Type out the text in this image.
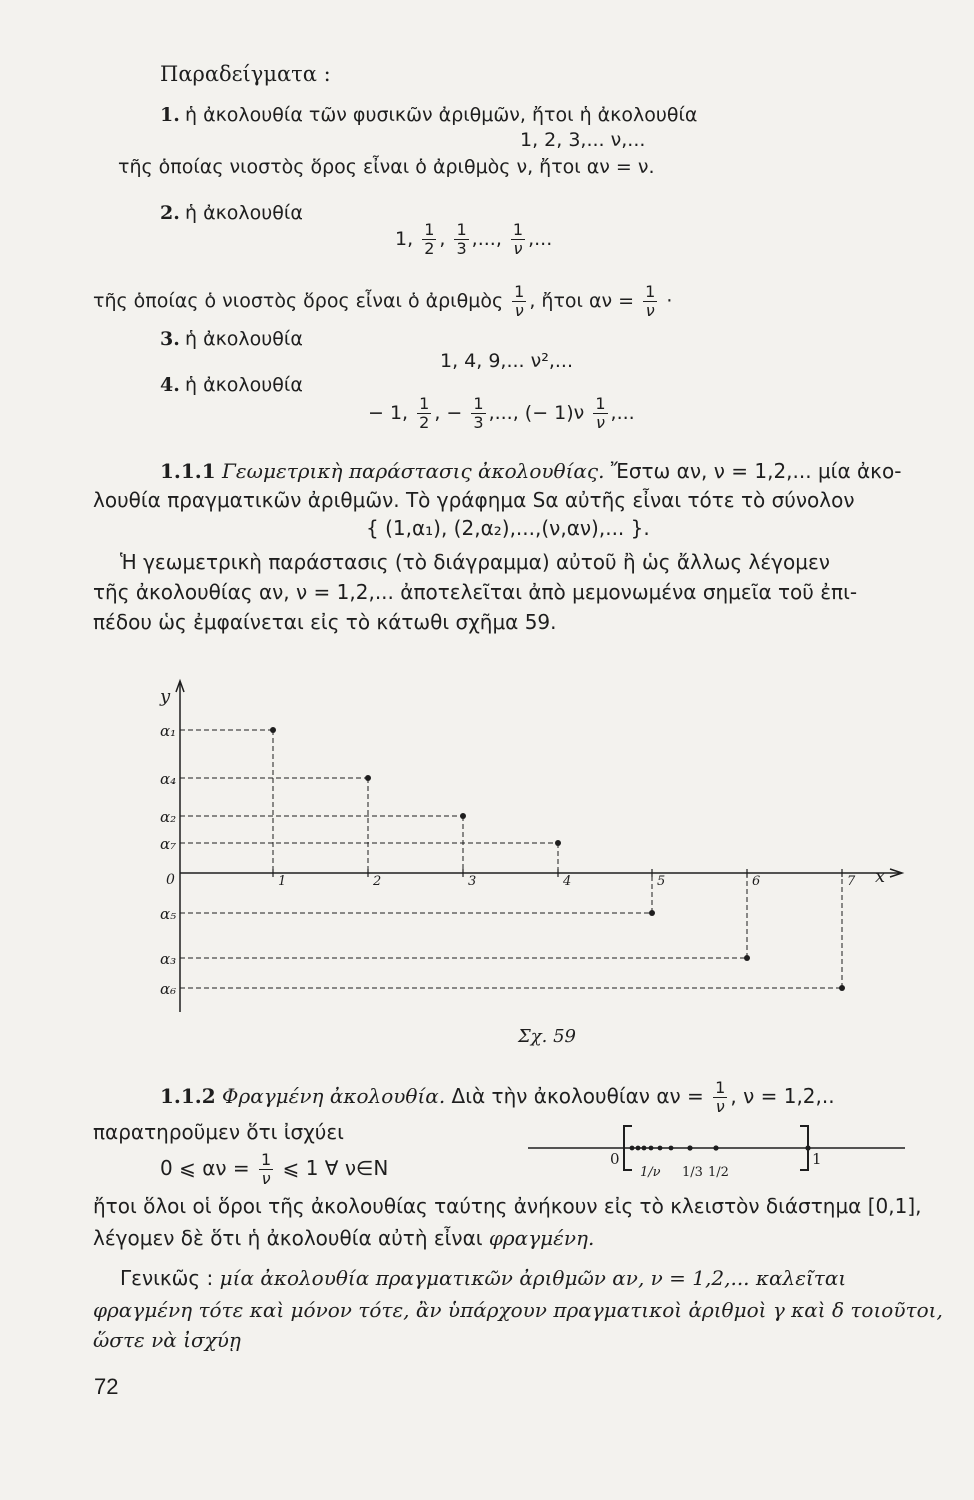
Παραδείγματα :
1. ἡ ἀκολουθία τῶν φυσικῶν ἀριθμῶν, ἤτοι ἡ ἀκολουθία
1, 2, 3,... ν,...
τῆς ὁποίας νιοστὸς ὅρος εἶναι ὁ ἀριθμὸς ν, ἤτοι αν = ν.
2. ἡ ἀκολουθία
1, $\frac{1}{2}$ , $\frac{1}{3}$ ,..., $\frac{1}{\nu}$ ,...
τῆς ὁποίας ὁ νιοστὸς ὅρος εἶναι ὁ ἀριθμὸς $\frac{1}{\nu}$ , ἤτοι $\alpha\nu = \frac{1}{\nu}$ ·
3. ἡ ἀκολουθία
1, 4, 9,... ν²,...
4. ἡ ἀκολουθία
− 1, $\frac{1}{2}$ , − $\frac{1}{3}$ ,..., (− $1)\nu \frac{1}{\nu}$ ,...
1.1.1 Γεωμετρικὴ παράστασις ἀκολουθίας. Ἔστω αν, ν = 1,2,... μία ἀκο-
λουθία πραγματικῶν ἀριθμῶν. Τὸ γράφημα Sα αὐτῆς εἶναι τότε τὸ σύνολον
{ (1,α₁), (2,α₂),...,(ν,αν),... }.
Ἡ γεωμετρικὴ παράστασις (τὸ διάγραμμα) αὐτοῦ ἢ ὡς ἄλλως λέγομεν
τῆς ἀκολουθίας αν, ν = 1,2,... ἀποτελεῖται ἀπὸ μεμονωμένα σημεῖα τοῦ ἐπι-
πέδου ὡς ἐμφαίνεται εἰς τὸ κάτωθι σχῆμα 59.
y
x
0	1	2	3	4	5	6	7
α₁
α₄
α₂
α₇
α₅
α₃
α₆
Σχ. 59
1.1.2 Φραγμένη ἀκολουθία. Διὰ τὴν ἀκολουθίαν $\alpha\nu = \frac{1}{\nu}$ , ν = 1,2,..
παρατηροῦμεν ὅτι ἰσχύει
0 ⩽ $\alpha\nu = \frac{1}{\nu}$ ⩽ 1 ∀ ν∈N	0	1
1/ν 1/3 1/2
ἤτοι ὅλοι οἱ ὅροι τῆς ἀκολουθίας ταύτης ἀνήκουν εἰς τὸ κλειστὸν διάστημα [0,1],
λέγομεν δὲ ὅτι ἡ ἀκολουθία αὐτὴ εἶναι φραγμένη.
Γενικῶς : μία ἀκολουθία πραγματικῶν ἀριθμῶν αν, ν = 1,2,... καλεῖται
φραγμένη τότε καὶ μόνον τότε, ἂν ὑπάρχουν πραγματικοὶ ἀριθμοὶ γ καὶ δ τοιοῦτοι,
ὥστε νὰ ἰσχύῃ
72
